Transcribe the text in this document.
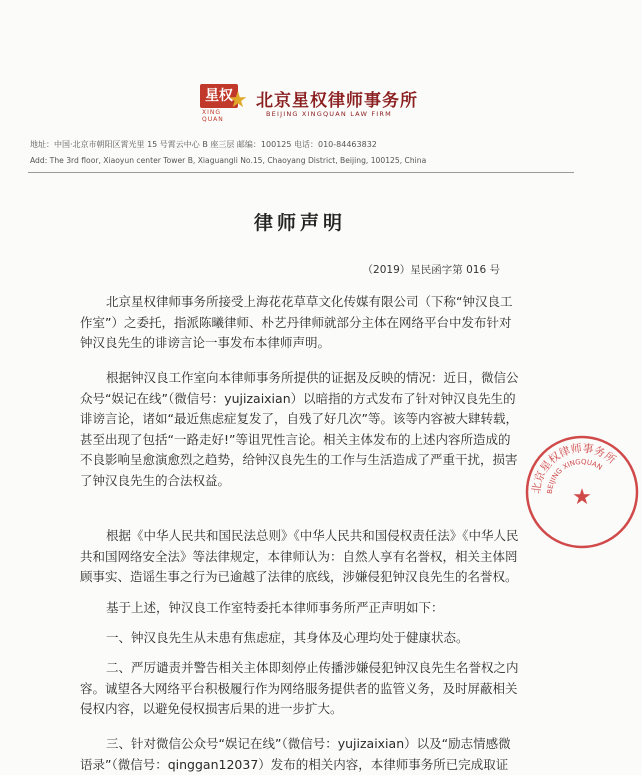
星权
★
XING QUAN
北京星权律师事务所
BEIJING XINGQUAN LAW FIRM
地址：中国·北京市朝阳区霄光里 15 号霄云中心 B 座三层 邮编：100125 电话：010-84463832
Add: The 3rd floor, Xiaoyun center Tower B, Xiaguangli No.15, Chaoyang District, Beijing, 100125, China
律师声明
（2019）星民函字第 016 号

北京星权律师事务所接受上海花花草草文化传媒有限公司（下称“钟汉良工作室”）之委托，指派陈曦律师、朴艺丹律师就部分主体在网络平台中发布针对钟汉良先生的诽谤言论一事发布本律师声明。

根据钟汉良工作室向本律师事务所提供的证据及反映的情况：近日，微信公众号“娱记在线”（微信号：yujizaixian）以暗指的方式发布了针对钟汉良先生的诽谤言论，诸如“最近焦虑症复发了，自残了好几次”等。该等内容被大肆转载，甚至出现了包括“一路走好!”等诅咒性言论。相关主体发布的上述内容所造成的不良影响呈愈演愈烈之趋势，给钟汉良先生的工作与生活造成了严重干扰，损害了钟汉良先生的合法权益。

根据《中华人民共和国民法总则》《中华人民共和国侵权责任法》《中华人民共和国网络安全法》等法律规定，本律师认为：自然人享有名誉权，相关主体罔顾事实、造谣生事之行为已逾越了法律的底线，涉嫌侵犯钟汉良先生的名誉权。

基于上述，钟汉良工作室特委托本律师事务所严正声明如下：

一、钟汉良先生从未患有焦虑症，其身体及心理均处于健康状态。

二、严厉谴责并警告相关主体即刻停止传播涉嫌侵犯钟汉良先生名誉权之内容。诚望各大网络平台积极履行作为网络服务提供者的监管义务，及时屏蔽相关侵权内容，以避免侵权损害后果的进一步扩大。

三、针对微信公众号“娱记在线”（微信号：yujizaixian）以及“励志情感微语录”（微信号：qinggan12037）发布的相关内容，本律师事务所已完成取证

北京星权律师事务所
BEIJING XINGQUAN
★
